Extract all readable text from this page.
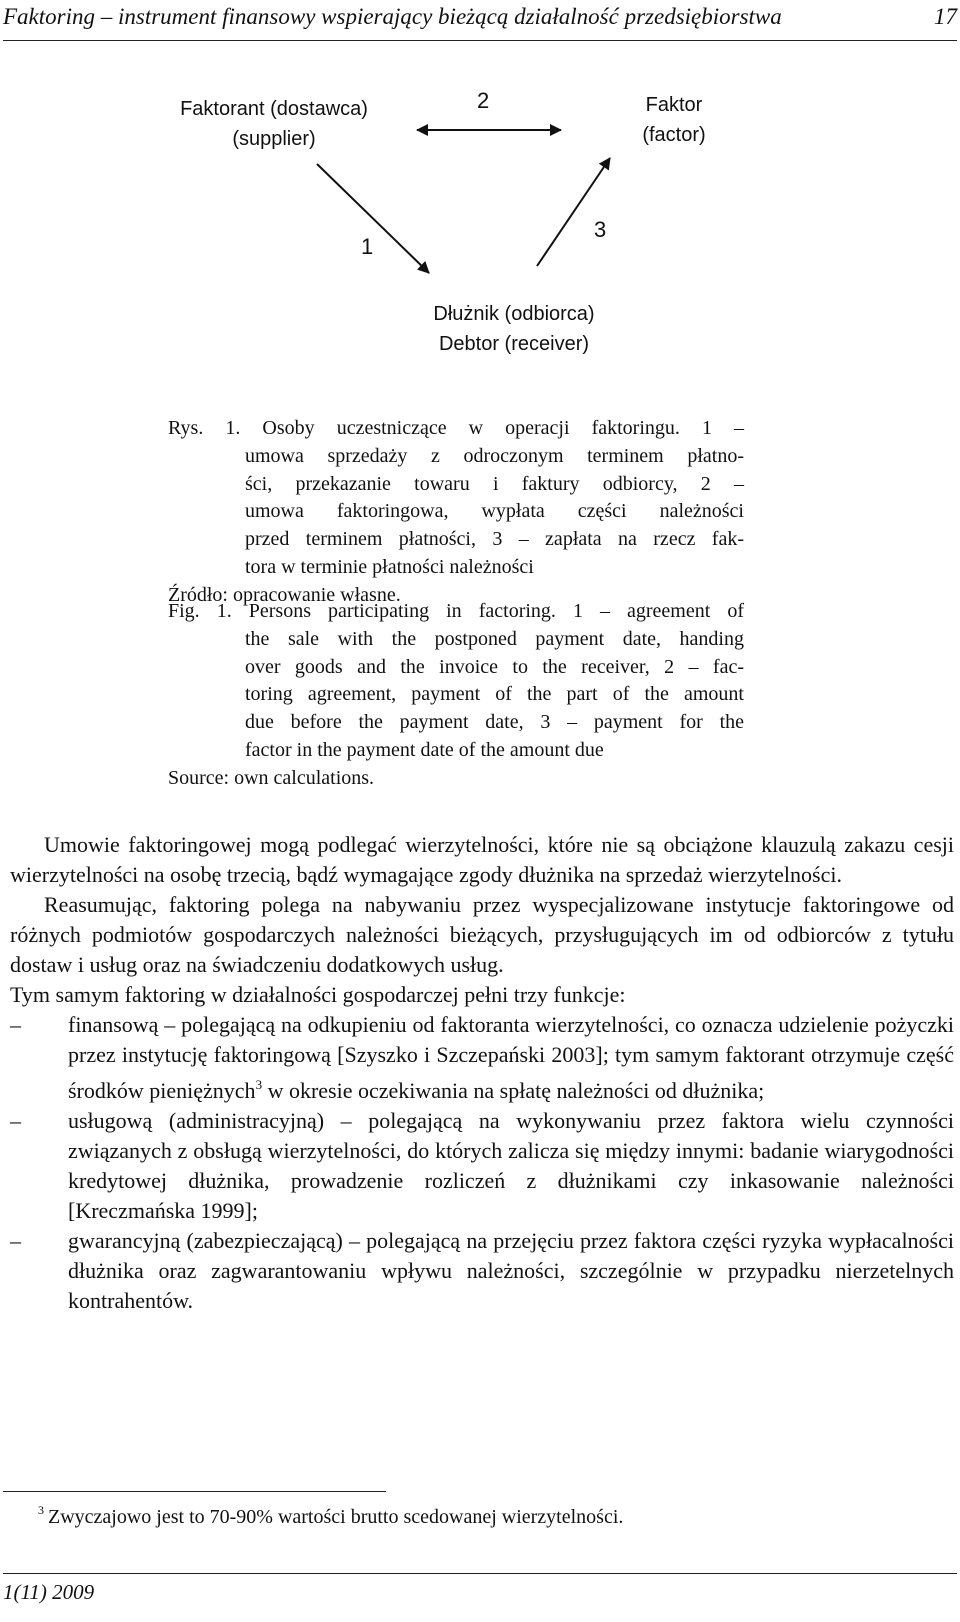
Faktoring – instrument finansowy wspierający bieżącą działalność przedsiębiorstwa	17
Faktorant (dostawca)
(supplier)
Faktor
(factor)
Dłużnik (odbiorca)
Debtor (receiver)
2
1
3
Rys. 1. Osoby uczestniczące w operacji faktoringu. 1 –
umowa sprzedaży z odroczonym terminem płatno-
ści, przekazanie towaru i faktury odbiorcy, 2 –
umowa faktoringowa, wypłata części należności
przed terminem płatności, 3 – zapłata na rzecz fak-
tora w terminie płatności należności
Źródło: opracowanie własne.
Fig. 1. Persons participating in factoring. 1 – agreement of
the sale with the postponed payment date, handing
over goods and the invoice to the receiver, 2 – fac-
toring agreement, payment of the part of the amount
due before the payment date, 3 – payment for the
factor in the payment date of the amount due
Source: own calculations.

Umowie faktoringowej mogą podlegać wierzytelności, które nie są obciążone klauzulą zakazu cesji wierzytelności na osobę trzecią, bądź wymagające zgody dłużnika na sprzedaż wierzytelności.

Reasumując, faktoring polega na nabywaniu przez wyspecjalizowane instytucje faktoringowe od różnych podmiotów gospodarczych należności bieżących, przysługujących im od odbiorców z tytułu dostaw i usług oraz na świadczeniu dodatkowych usług.

Tym samym faktoring w działalności gospodarczej pełni trzy funkcje:

– finansową – polegającą na odkupieniu od faktoranta wierzytelności, co oznacza udzielenie pożyczki przez instytucję faktoringową [Szyszko i Szczepański 2003]; tym samym faktorant otrzymuje część środków pieniężnych$^3$ w okresie oczekiwania na spłatę należności od dłużnika;
– usługową (administracyjną) – polegającą na wykonywaniu przez faktora wielu czynności związanych z obsługą wierzytelności, do których zalicza się między innymi: badanie wiarygodności kredytowej dłużnika, prowadzenie rozliczeń z dłużnikami czy inkasowanie należności [Kreczmańska 1999];
– gwarancyjną (zabezpieczającą) – polegającą na przejęciu przez faktora części ryzyka wypłacalności dłużnika oraz zagwarantowaniu wpływu należności, szczególnie w przypadku nierzetelnych kontrahentów.
$^3$ Zwyczajowo jest to 70-90% wartości brutto scedowanej wierzytelności.
1(11) 2009
